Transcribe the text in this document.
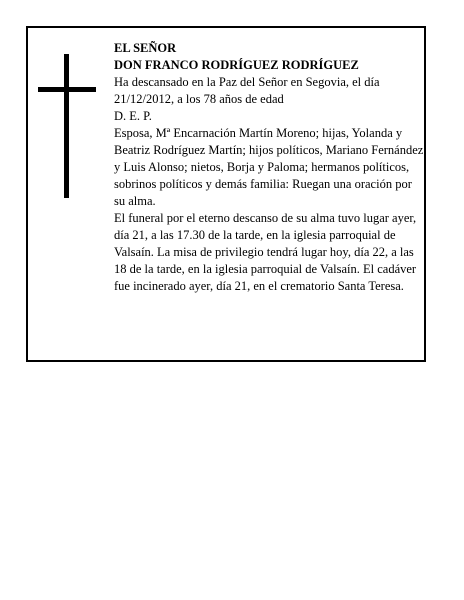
EL SEÑOR
DON FRANCO RODRÍGUEZ RODRÍGUEZ
Ha descansado en la Paz del Señor en Segovia, el día 21/12/2012, a los 78 años de edad
D. E. P.
Esposa, Mª Encarnación Martín Moreno; hijas, Yolanda y Beatriz Rodríguez Martín; hijos políticos, Mariano Fernández y Luis Alonso; nietos, Borja y Paloma; hermanos políticos, sobrinos políticos y demás familia: Ruegan una oración por su alma.
El funeral por el eterno descanso de su alma tuvo lugar ayer, día 21, a las 17.30 de la tarde, en la iglesia parroquial de Valsaín. La misa de privilegio tendrá lugar hoy, día 22, a las 18 de la tarde, en la iglesia parroquial de Valsaín. El cadáver fue incinerado ayer, día 21, en el crematorio Santa Teresa.
